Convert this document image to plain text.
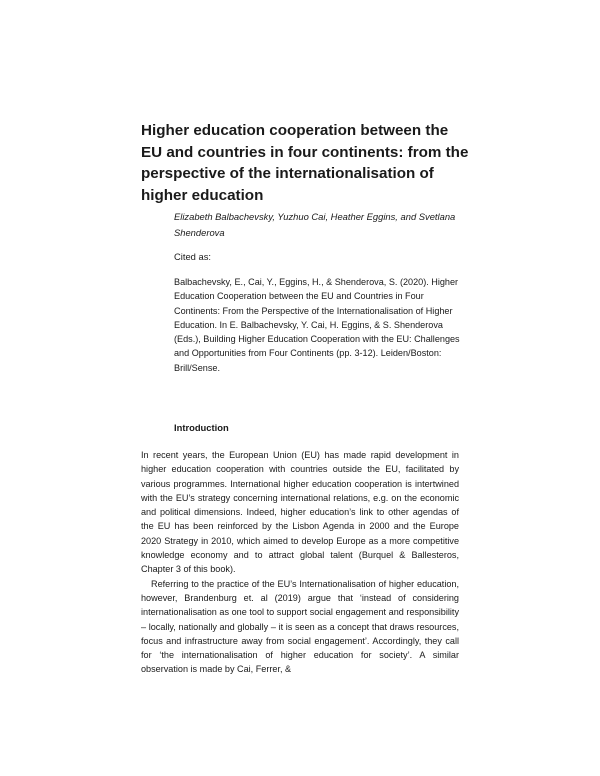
Higher education cooperation between the EU and countries in four continents: from the perspective of the internationalisation of higher education
Elizabeth Balbachevsky, Yuzhuo Cai, Heather Eggins, and Svetlana Shenderova
Cited as:
Balbachevsky, E., Cai, Y., Eggins, H., & Shenderova, S. (2020). Higher Education Cooperation between the EU and Countries in Four Continents: From the Perspective of the Internationalisation of Higher Education. In E. Balbachevsky, Y. Cai, H. Eggins, & S. Shenderova (Eds.), Building Higher Education Cooperation with the EU: Challenges and Opportunities from Four Continents (pp. 3-12). Leiden/Boston: Brill/Sense.
Introduction

In recent years, the European Union (EU) has made rapid development in higher education cooperation with countries outside the EU, facilitated by various programmes. International higher education cooperation is intertwined with the EU’s strategy concerning international relations, e.g. on the economic and political dimensions. Indeed, higher education’s link to other agendas of the EU has been reinforced by the Lisbon Agenda in 2000 and the Europe 2020 Strategy in 2010, which aimed to develop Europe as a more competitive knowledge economy and to attract global talent (Burquel & Ballesteros, Chapter 3 of this book).

Referring to the practice of the EU’s Internationalisation of higher education, however, Brandenburg et. al (2019) argue that ‘instead of considering internationalisation as one tool to support social engagement and responsibility – locally, nationally and globally – it is seen as a concept that draws resources, focus and infrastructure away from social engagement’. Accordingly, they call for ‘the internationalisation of higher education for society’. A similar observation is made by Cai, Ferrer, &
